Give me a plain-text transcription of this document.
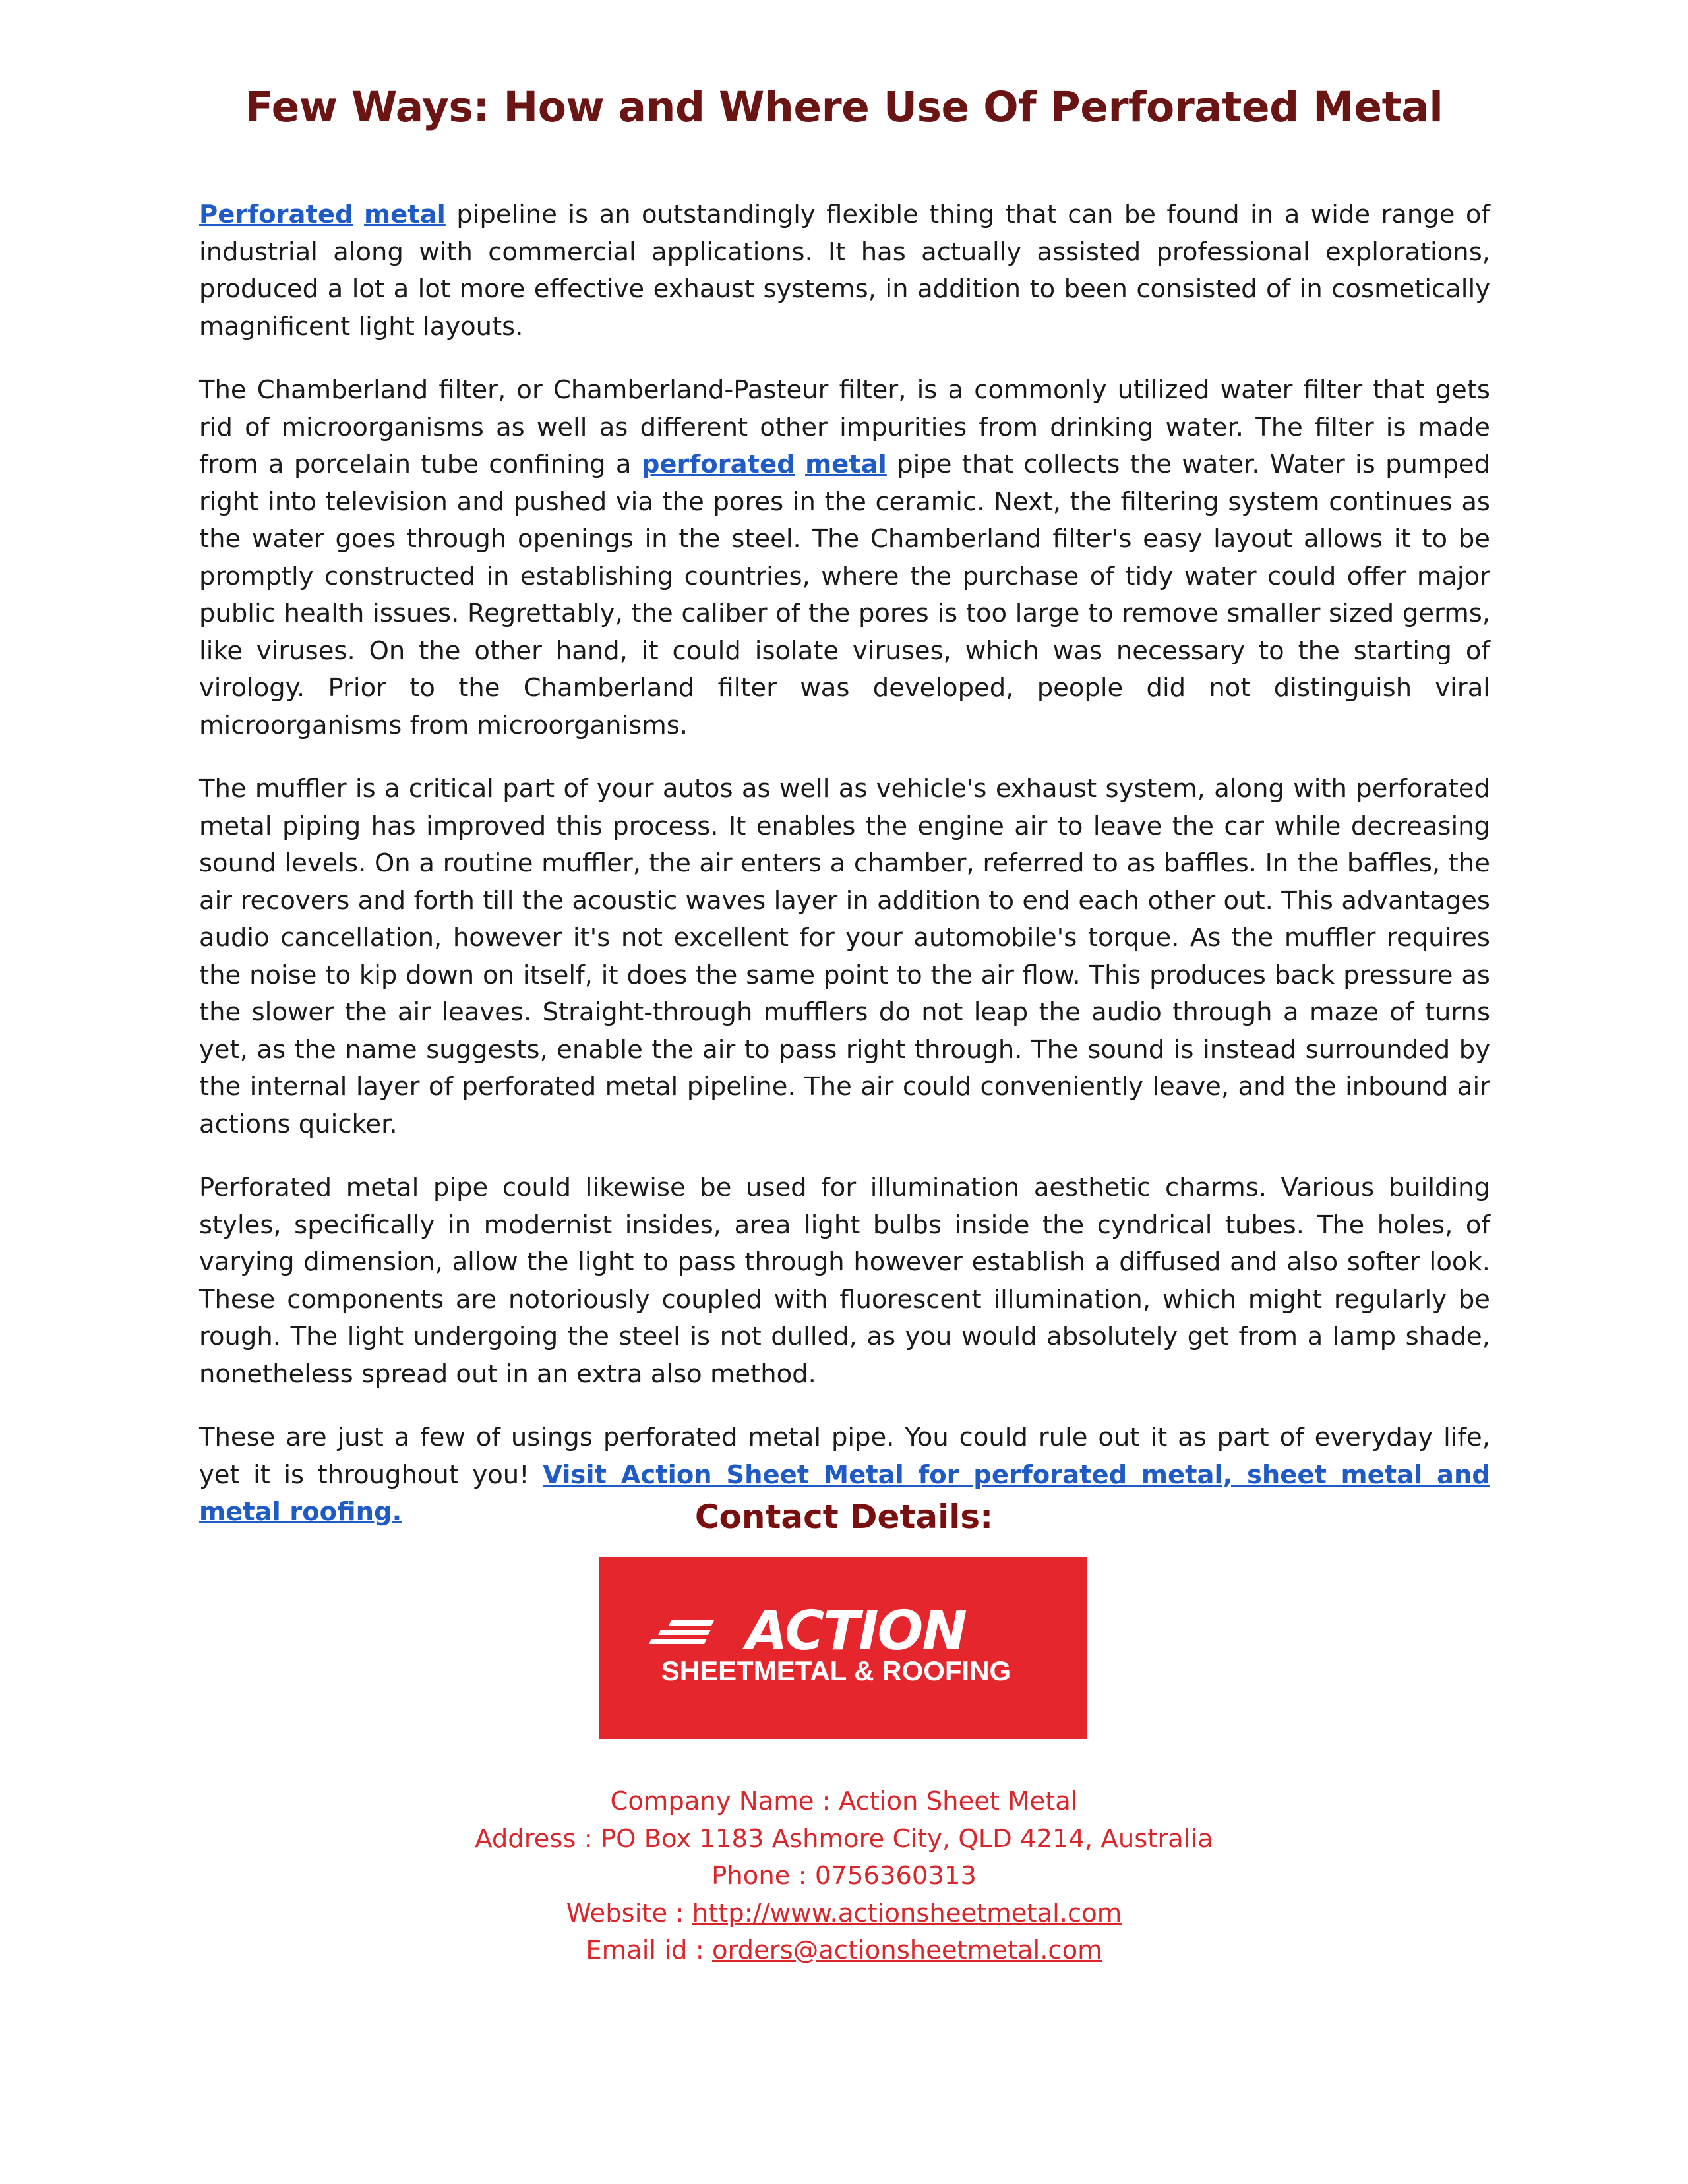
Few Ways: How and Where Use Of Perforated Metal

Perforated metal pipeline is an outstandingly flexible thing that can be found in a wide range of industrial along with commercial applications. It has actually assisted professional explorations, produced a lot a lot more effective exhaust systems, in addition to been consisted of in cosmetically magnificent light layouts.

The Chamberland filter, or Chamberland-Pasteur filter, is a commonly utilized water filter that gets rid of microorganisms as well as different other impurities from drinking water. The filter is made from a porcelain tube confining a perforated metal pipe that collects the water. Water is pumped right into television and pushed via the pores in the ceramic. Next, the filtering system continues as the water goes through openings in the steel. The Chamberland filter's easy layout allows it to be promptly constructed in establishing countries, where the purchase of tidy water could offer major public health issues. Regrettably, the caliber of the pores is too large to remove smaller sized germs, like viruses. On the other hand, it could isolate viruses, which was necessary to the starting of virology. Prior to the Chamberland filter was developed, people did not distinguish viral microorganisms from microorganisms.

The muffler is a critical part of your autos as well as vehicle's exhaust system, along with perforated metal piping has improved this process. It enables the engine air to leave the car while decreasing sound levels. On a routine muffler, the air enters a chamber, referred to as baffles. In the baffles, the air recovers and forth till the acoustic waves layer in addition to end each other out. This advantages audio cancellation, however it's not excellent for your automobile's torque. As the muffler requires the noise to kip down on itself, it does the same point to the air flow. This produces back pressure as the slower the air leaves. Straight-through mufflers do not leap the audio through a maze of turns yet, as the name suggests, enable the air to pass right through. The sound is instead surrounded by the internal layer of perforated metal pipeline. The air could conveniently leave, and the inbound air actions quicker.

Perforated metal pipe could likewise be used for illumination aesthetic charms. Various building styles, specifically in modernist insides, area light bulbs inside the cyndrical tubes. The holes, of varying dimension, allow the light to pass through however establish a diffused and also softer look. These components are notoriously coupled with fluorescent illumination, which might regularly be rough. The light undergoing the steel is not dulled, as you would absolutely get from a lamp shade, nonetheless spread out in an extra also method.

These are just a few of usings perforated metal pipe. You could rule out it as part of everyday life, yet it is throughout you! Visit Action Sheet Metal for perforated metal, sheet metal and metal roofing.	Contact Details:
ACTION
SHEETMETAL & ROOFING
Company Name : Action Sheet Metal
Address : PO Box 1183 Ashmore City, QLD 4214, Australia
Phone : 0756360313
Website : http://www.actionsheetmetal.com
Email id : orders@actionsheetmetal.com
